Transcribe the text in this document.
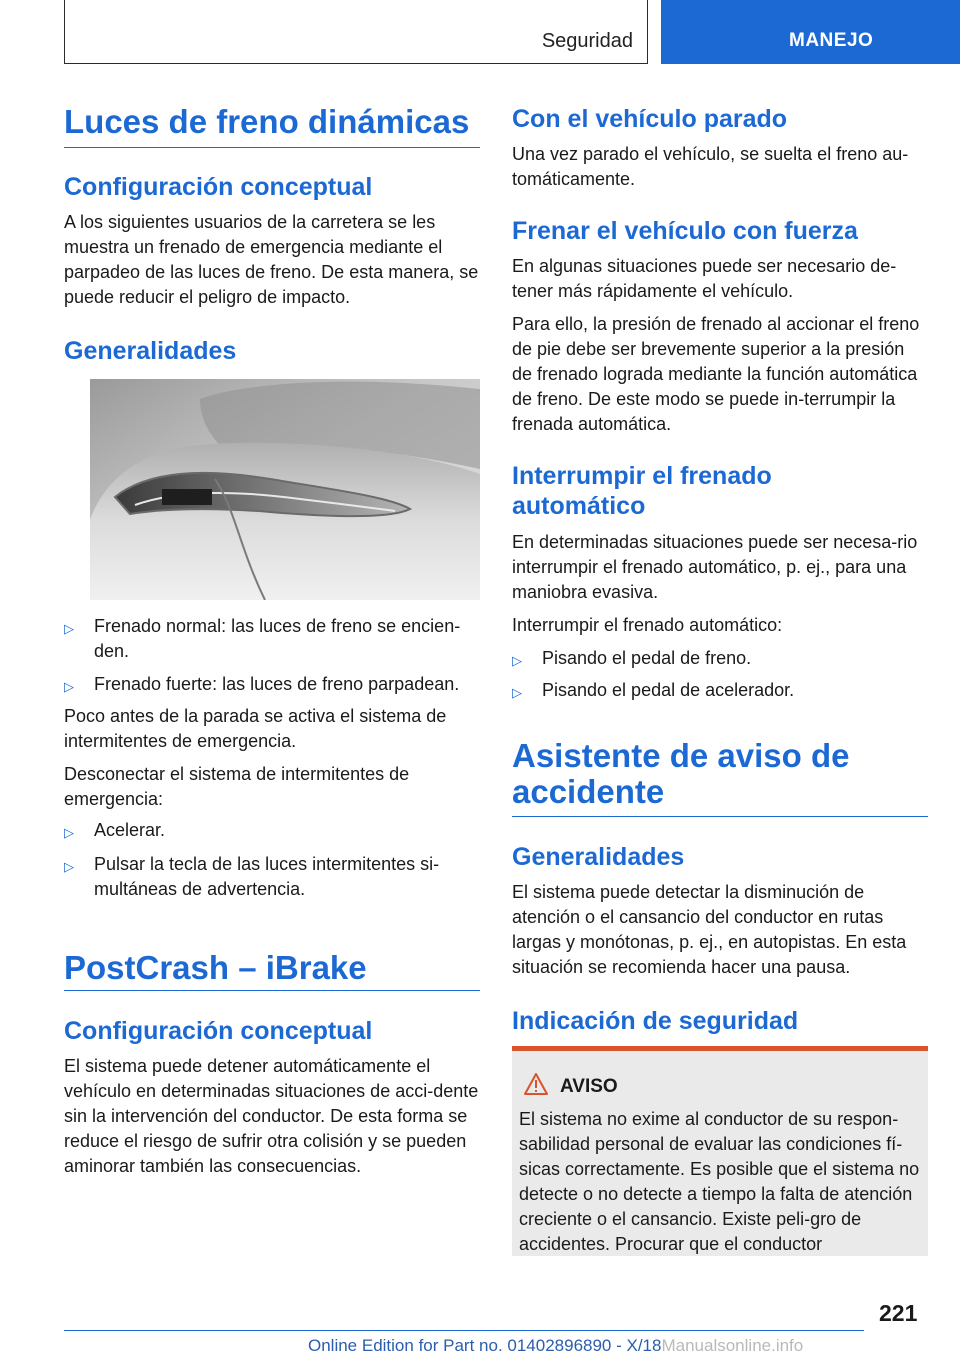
Seguridad	MANEJO
Luces de freno dinámicas
Configuración conceptual

A los siguientes usuarios de la carretera se les muestra un frenado de emergencia mediante el parpadeo de las luces de freno. De esta manera, se puede reducir el peligro de impacto.

Generalidades
▷ Frenado normal: las luces de freno se encien-den.
▷ Frenado fuerte: las luces de freno parpadean.

Poco antes de la parada se activa el sistema de intermitentes de emergencia.

Desconectar el sistema de intermitentes de emergencia:

▷ Acelerar.
▷ Pulsar la tecla de las luces intermitentes si-multáneas de advertencia.
PostCrash – iBrake
Configuración conceptual

El sistema puede detener automáticamente el vehículo en determinadas situaciones de acci-dente sin la intervención del conductor. De esta forma se reduce el riesgo de sufrir otra colisión y se pueden aminorar también las consecuencias.

Con el vehículo parado

Una vez parado el vehículo, se suelta el freno au-tomáticamente.

Frenar el vehículo con fuerza

En algunas situaciones puede ser necesario de-tener más rápidamente el vehículo.

Para ello, la presión de frenado al accionar el freno de pie debe ser brevemente superior a la presión de frenado lograda mediante la función automática de freno. De este modo se puede in-terrumpir la frenada automática.

Interrumpir el frenado
automático

En determinadas situaciones puede ser necesa-rio interrumpir el frenado automático, p. ej., para una maniobra evasiva.

Interrumpir el frenado automático:

▷ Pisando el pedal de freno.
▷ Pisando el pedal de acelerador.
Asistente de aviso de
accidente
Generalidades

El sistema puede detectar la disminución de atención o el cansancio del conductor en rutas largas y monótonas, p. ej., en autopistas. En esta situación se recomienda hacer una pausa.

Indicación de seguridad
AVISO
El sistema no exime al conductor de su respon-sabilidad personal de evaluar las condiciones fí-sicas correctamente. Es posible que el sistema no detecte o no detecte a tiempo la falta de atención creciente o el cansancio. Existe peli-gro de accidentes. Procurar que el conductor
221
Online Edition for Part no. 01402896890 - X/18Manualsonline.info
